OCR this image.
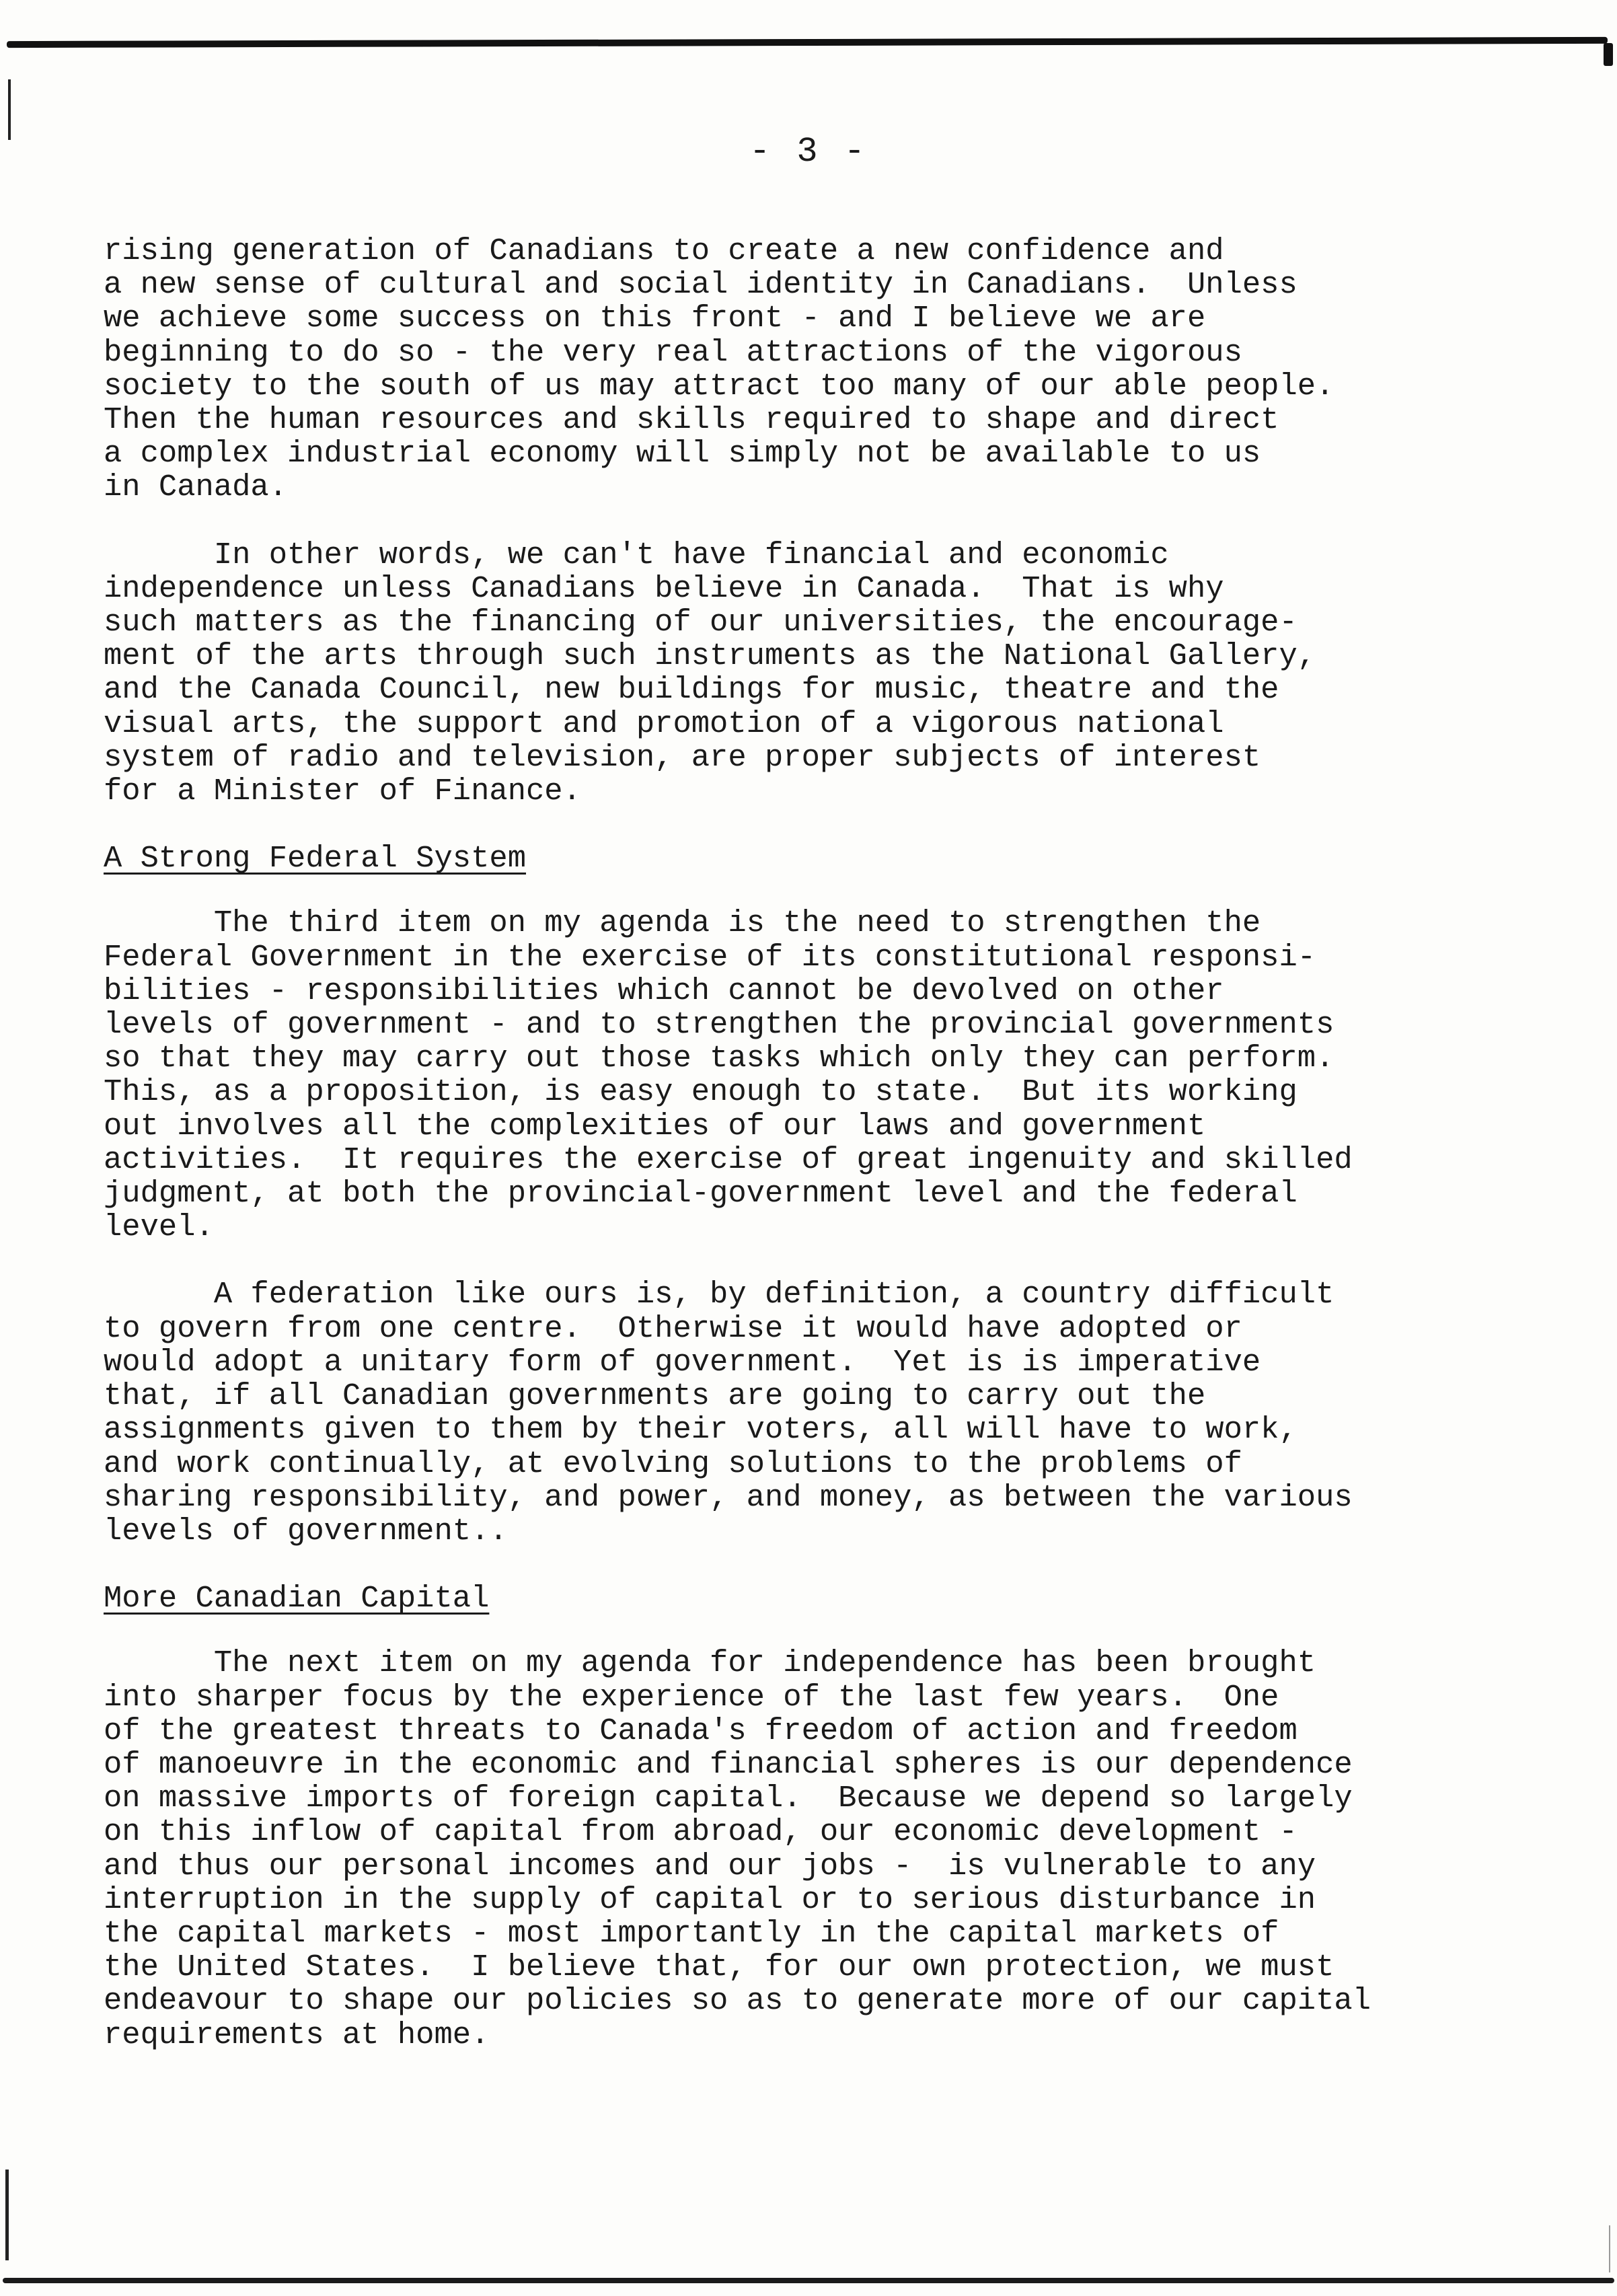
- 3 -
rising generation of Canadians to create a new confidence and
a new sense of cultural and social identity in Canadians.  Unless
we achieve some success on this front - and I believe we are
beginning to do so - the very real attractions of the vigorous
society to the south of us may attract too many of our able people.
Then the human resources and skills required to shape and direct
a complex industrial economy will simply not be available to us
in Canada.
In other words, we can't have financial and economic
independence unless Canadians believe in Canada.  That is why
such matters as the financing of our universities, the encourage-
ment of the arts through such instruments as the National Gallery,
and the Canada Council, new buildings for music, theatre and the
visual arts, the support and promotion of a vigorous national
system of radio and television, are proper subjects of interest
for a Minister of Finance.
A Strong Federal System
The third item on my agenda is the need to strengthen the
Federal Government in the exercise of its constitutional responsi-
bilities - responsibilities which cannot be devolved on other
levels of government - and to strengthen the provincial governments
so that they may carry out those tasks which only they can perform.
This, as a proposition, is easy enough to state.  But its working
out involves all the complexities of our laws and government
activities.  It requires the exercise of great ingenuity and skilled
judgment, at both the provincial-government level and the federal
level.
A federation like ours is, by definition, a country difficult
to govern from one centre.  Otherwise it would have adopted or
would adopt a unitary form of government.  Yet is is imperative
that, if all Canadian governments are going to carry out the
assignments given to them by their voters, all will have to work,
and work continually, at evolving solutions to the problems of
sharing responsibility, and power, and money, as between the various
levels of government..
More Canadian Capital
The next item on my agenda for independence has been brought
into sharper focus by the experience of the last few years.  One
of the greatest threats to Canada's freedom of action and freedom
of manoeuvre in the economic and financial spheres is our dependence
on massive imports of foreign capital.  Because we depend so largely
on this inflow of capital from abroad, our economic development -
and thus our personal incomes and our jobs -  is vulnerable to any
interruption in the supply of capital or to serious disturbance in
the capital markets - most importantly in the capital markets of
the United States.  I believe that, for our own protection, we must
endeavour to shape our policies so as to generate more of our capital
requirements at home.
